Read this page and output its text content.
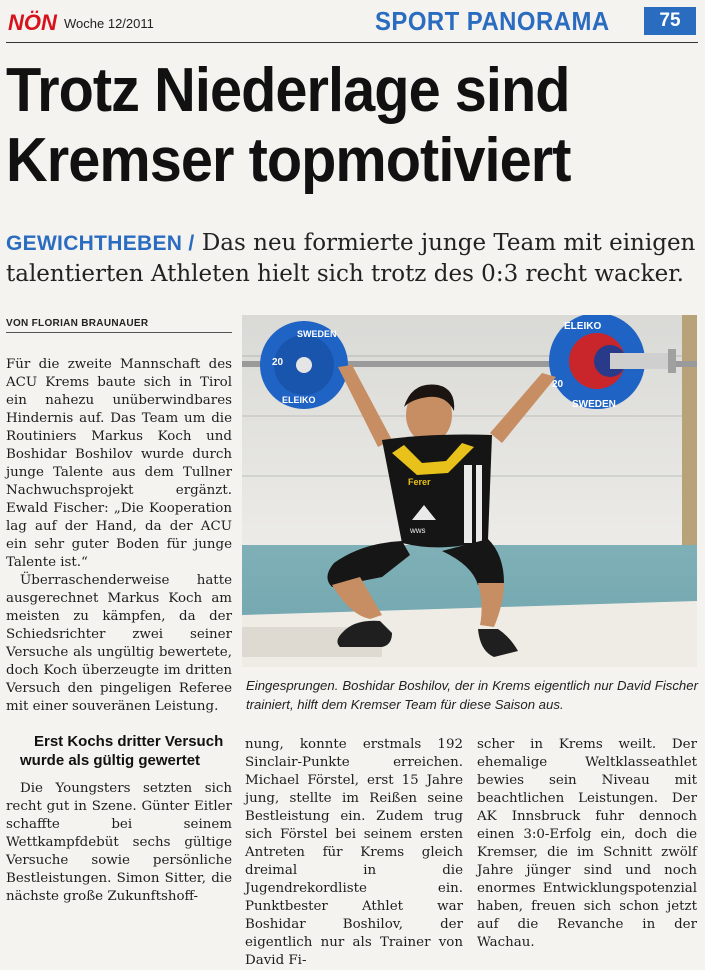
NÖN Woche 12/2011	SPORT PANORAMA	75
Trotz Niederlage sind
Kremser topmotiviert
GEWICHTHEBEN / Das neu formierte junge Team mit einigen
talentierten Athleten hielt sich trotz des 0:3 recht wacker.
VON FLORIAN BRAUNAUER

Für die zweite Mannschaft des ACU Krems baute sich in Tirol ein nahezu unüberwindbares Hindernis auf. Das Team um die Routiniers Markus Koch und Boshidar Boshilov wurde durch junge Talente aus dem Tullner Nachwuchsprojekt ergänzt. Ewald Fischer: „Die Kooperation lag auf der Hand, da der ACU ein sehr guter Boden für junge Talente ist.“

Überraschenderweise hatte ausgerechnet Markus Koch am meisten zu kämpfen, da der Schiedsrichter zwei seiner Versuche als ungültig bewertete, doch Koch überzeugte im dritten Versuch den pingeligen Referee mit einer souveränen Leistung.

Erst Kochs dritter Versuch wurde als gültig gewertet

Die Youngsters setzten sich recht gut in Szene. Günter Eitler schaffte bei seinem Wettkampfdebüt sechs gültige Versuche sowie persönliche Bestleistungen. Simon Sitter, die nächste große Zukunftshoff-

SWEDEN
ELEIKO
20
ELEIKO
SWEDEN
20
Ferer
wws
Eingesprungen. Boshidar Boshilov, der in Krems eigentlich nur David Fischer trainiert, hilft dem Kremser Team für diese Saison aus.

nung, konnte erstmals 192 Sinclair-Punkte erreichen. Michael Förstel, erst 15 Jahre jung, stellte im Reißen seine Bestleistung ein. Zudem trug sich Förstel bei seinem ersten Antreten für Krems gleich dreimal in die Jugendrekordliste ein. Punktbester Athlet war Boshidar Boshilov, der eigentlich nur als Trainer von David Fi-

scher in Krems weilt. Der ehemalige Weltklasseathlet bewies sein Niveau mit beachtlichen Leistungen. Der AK Innsbruck fuhr dennoch einen 3:0-Erfolg ein, doch die Kremser, die im Schnitt zwölf Jahre jünger sind und noch enormes Entwicklungspotenzial haben, freuen sich schon jetzt auf die Revanche in der Wachau.
